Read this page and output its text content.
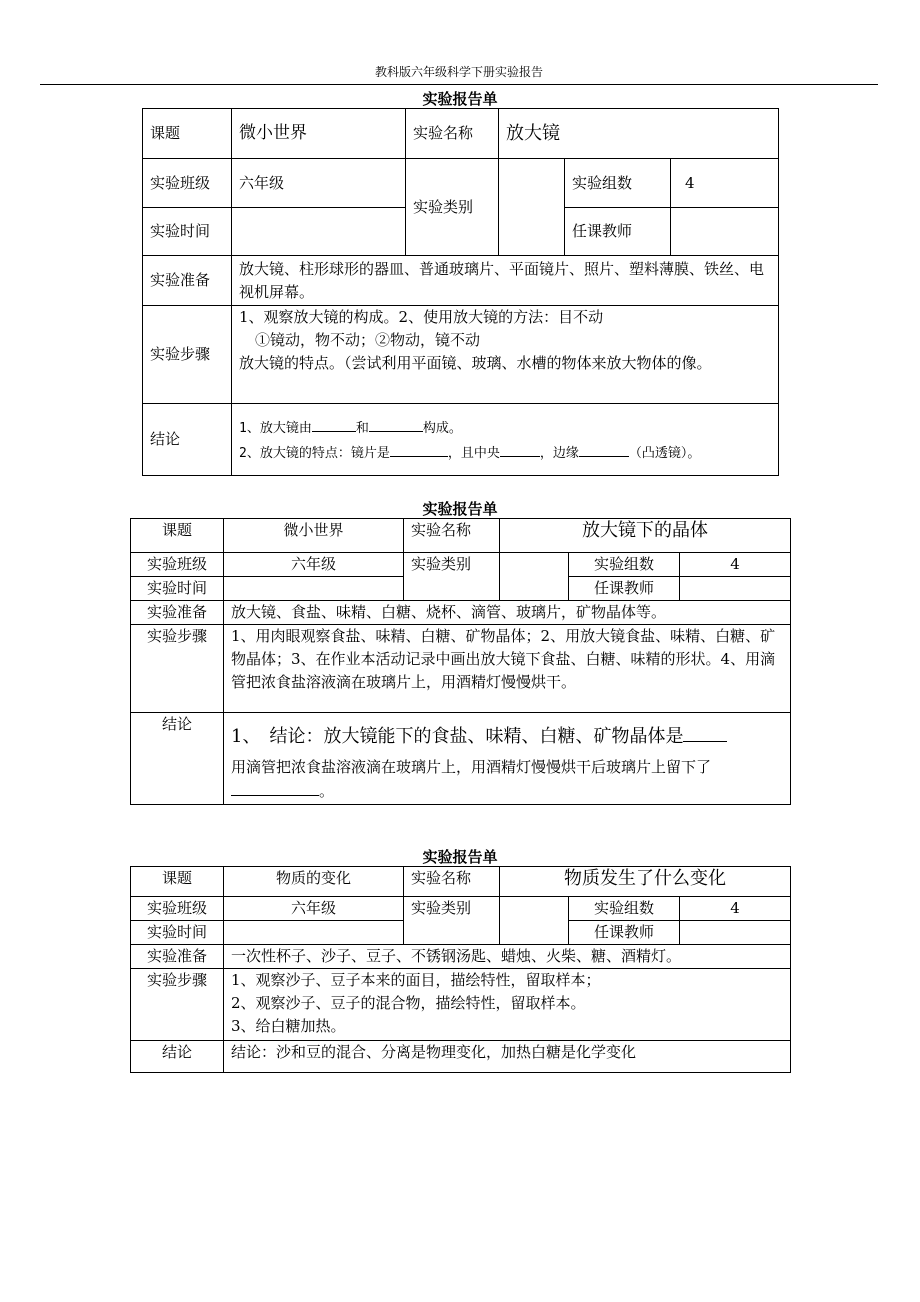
教科版六年级科学下册实验报告
实验报告单
课题	微小世界	实验名称	放大镜		
实验班级	六年级	实验类别		实验组数	4
实验时间				任课教师	
实验准备	放大镜、柱形球形的器皿、普通玻璃片、平面镜片、照片、塑料薄膜、铁丝、电视机屏幕。				
实验步骤	1、观察放大镜的构成。2、使用放大镜的方法：目不动
①镜动，物不动；②物动，镜不动
放大镜的特点。（尝试利用平面镜、玻璃、水槽的物体来放大物体的像。				

结论	1、放大镜由 和 构成。
2、放大镜的特点：镜片是 ，且中央 ，边缘 （凸透镜）。				
实验报告单
课题	微小世界	实验名称	放大镜下的晶体		
实验班级	六年级	实验类别		实验组数	4
实验时间				任课教师	
实验准备	放大镜、食盐、味精、白糖、烧杯、滴管、玻璃片，矿物晶体等。				
实验步骤	1、用肉眼观察食盐、味精、白糖、矿物晶体；2、用放大镜食盐、味精、白糖、矿物晶体；3、在作业本活动记录中画出放大镜下食盐、白糖、味精的形状。4、用滴管把浓食盐溶液滴在玻璃片上，用酒精灯慢慢烘干。				
结论	1、　结论：放大镜能下的食盐、味精、白糖、矿物晶体是
用滴管把浓食盐溶液滴在玻璃片上，用酒精灯慢慢烘干后玻璃片上留下了。				
实验报告单
课题	物质的变化	实验名称	物质发生了什么变化		
实验班级	六年级	实验类别		实验组数	4
实验时间				任课教师	
实验准备	一次性杯子、沙子、豆子、不锈钢汤匙、蜡烛、火柴、糖、酒精灯。				
实验步骤	1、观察沙子、豆子本来的面目，描绘特性，留取样本；
2、观察沙子、豆子的混合物，描绘特性，留取样本。
3、给白糖加热。				

结论	结论：沙和豆的混合、分离是物理变化，加热白糖是化学变化				
